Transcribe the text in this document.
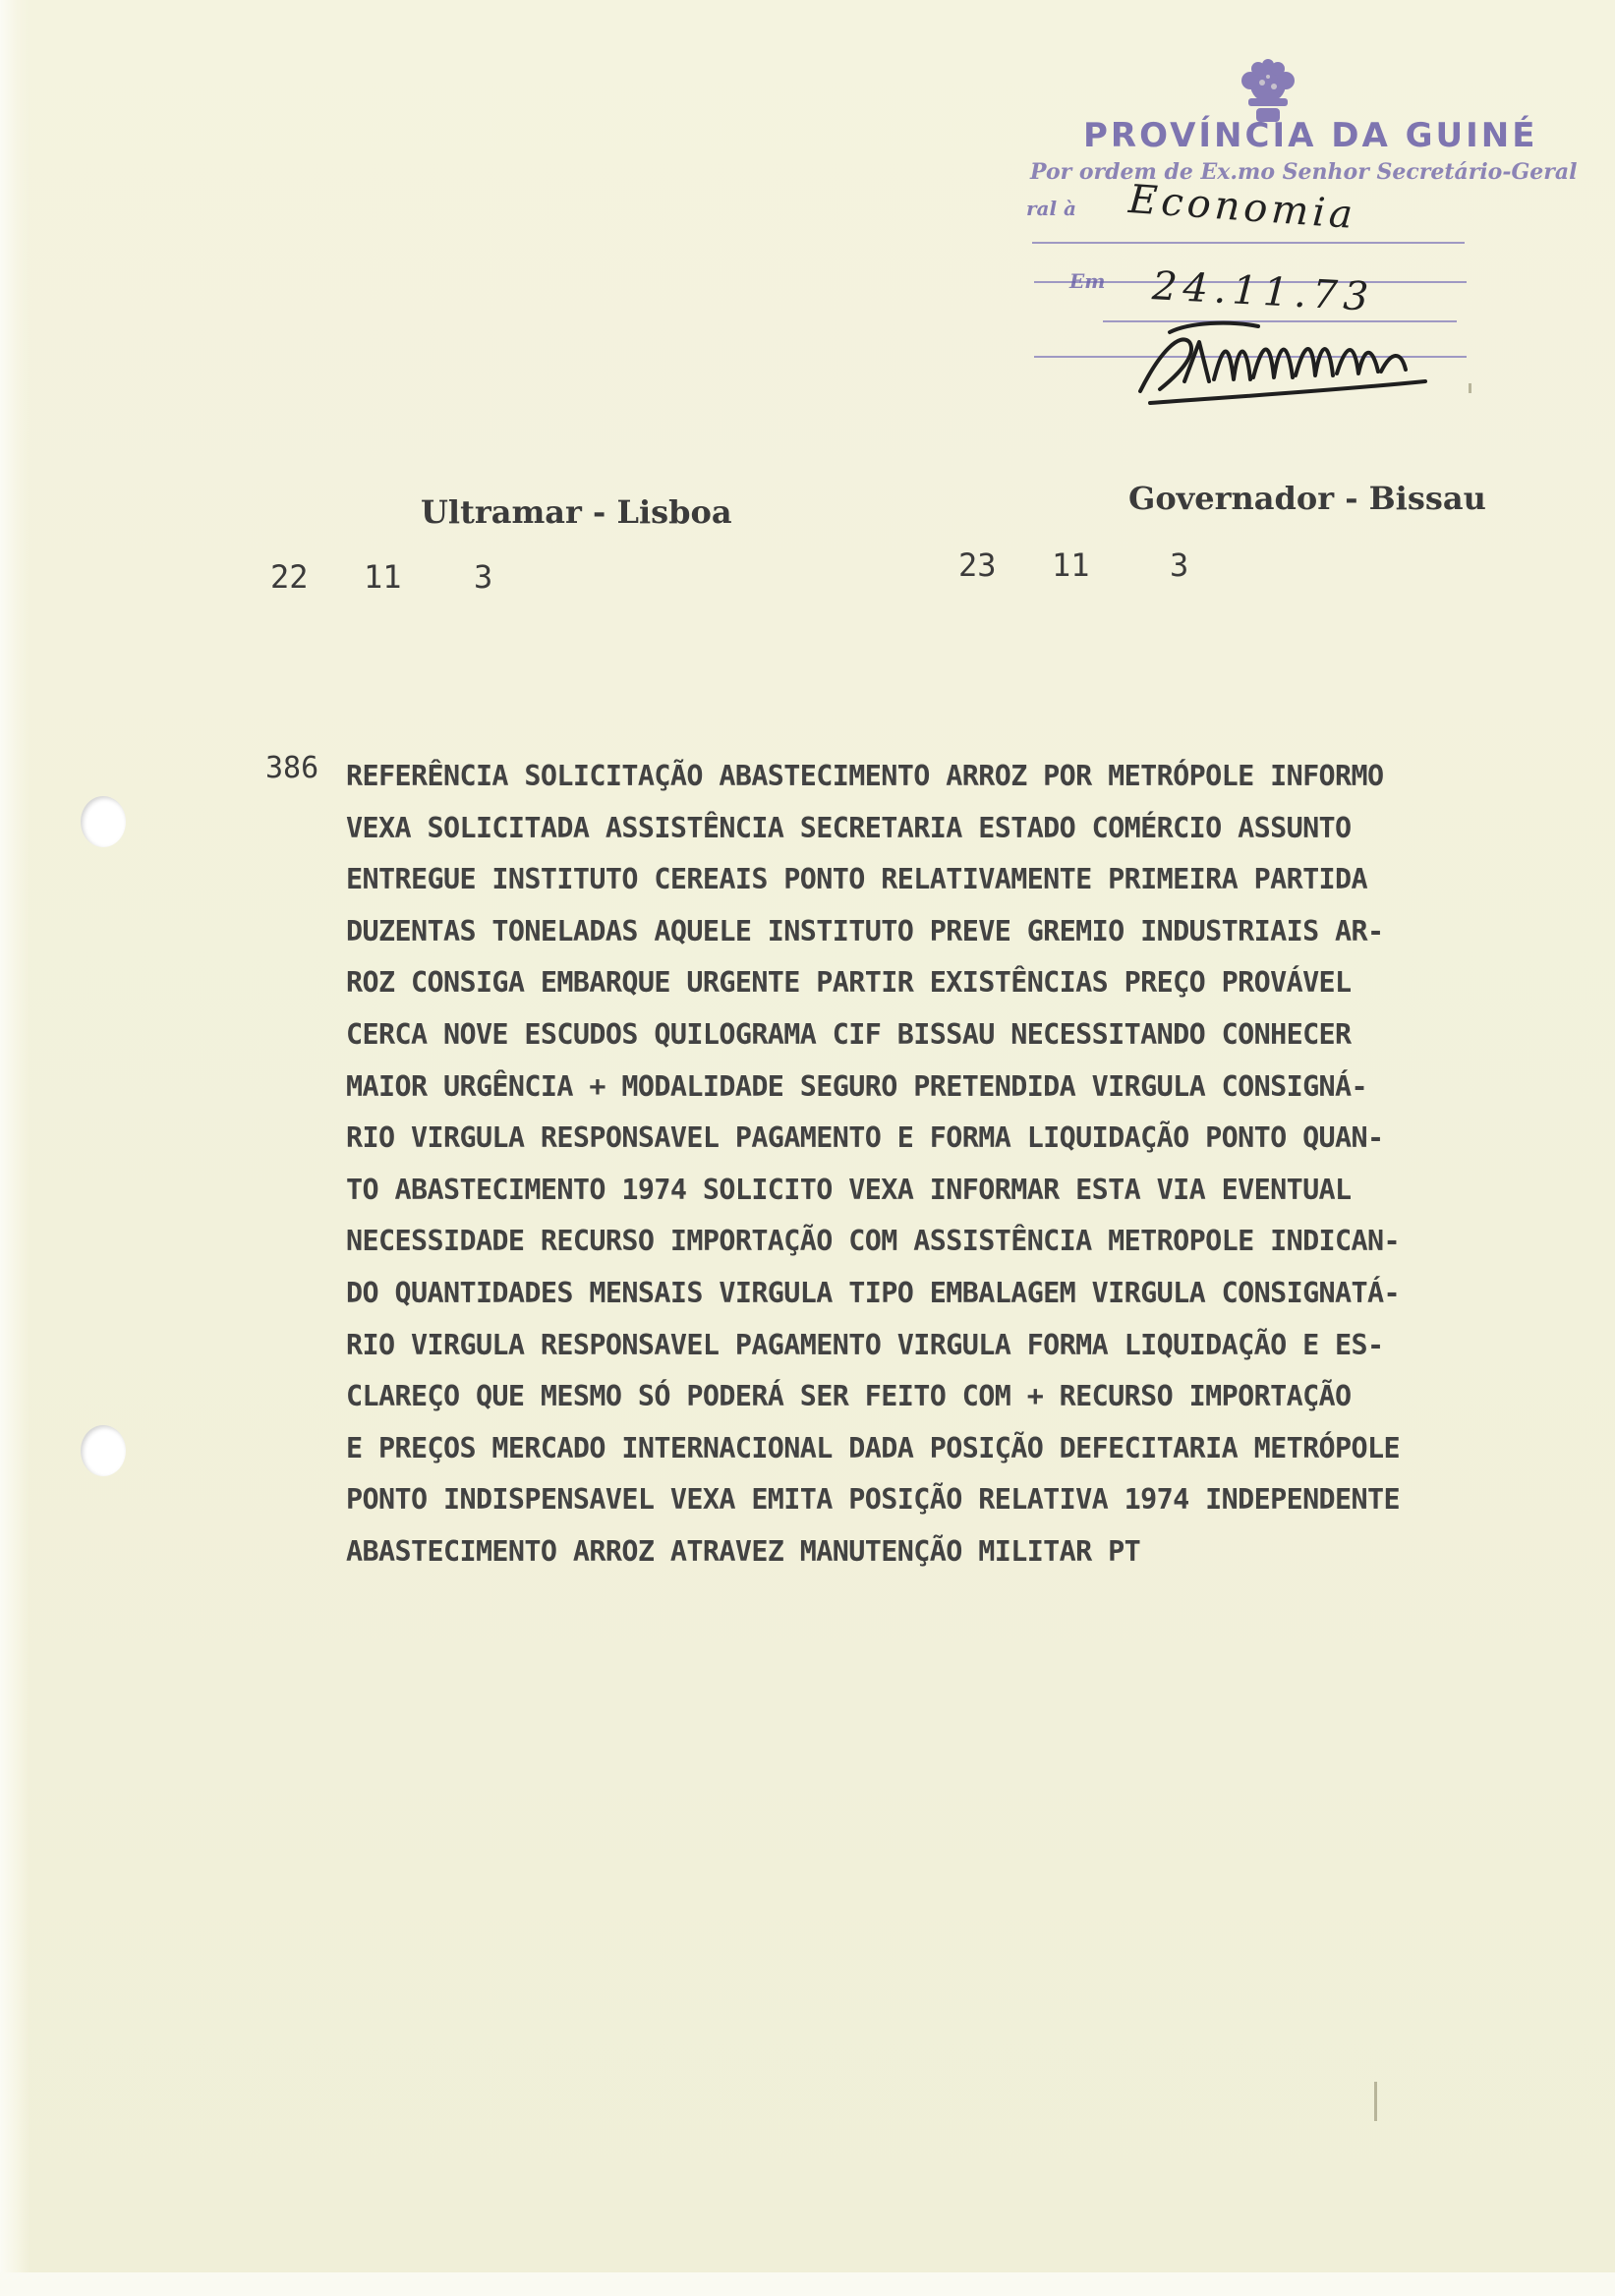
PROVÍNCIA DA GUINÉ
Por ordem de Ex.mo Senhor Secretário-Geral
ral à
Em
Economia
24.11.73
Ultramar - Lisboa	Governador - Bissau
22 11 3	23 11	3
386 REFERÊNCIA SOLICITAÇÃO ABASTECIMENTO ARROZ POR METRÓPOLE INFORMO
VEXA SOLICITADA ASSISTÊNCIA SECRETARIA ESTADO COMÉRCIO ASSUNTO
ENTREGUE INSTITUTO CEREAIS PONTO RELATIVAMENTE PRIMEIRA PARTIDA
DUZENTAS TONELADAS AQUELE INSTITUTO PREVE GREMIO INDUSTRIAIS AR-
ROZ CONSIGA EMBARQUE URGENTE PARTIR EXISTÊNCIAS PREÇO PROVÁVEL
CERCA NOVE ESCUDOS QUILOGRAMA CIF BISSAU NECESSITANDO CONHECER
MAIOR URGÊNCIA + MODALIDADE SEGURO PRETENDIDA VIRGULA CONSIGNÁ-
RIO VIRGULA RESPONSAVEL PAGAMENTO E FORMA LIQUIDAÇÃO PONTO QUAN-
TO ABASTECIMENTO 1974 SOLICITO VEXA INFORMAR ESTA VIA EVENTUAL
NECESSIDADE RECURSO IMPORTAÇÃO COM ASSISTÊNCIA METROPOLE INDICAN-
DO QUANTIDADES MENSAIS VIRGULA TIPO EMBALAGEM VIRGULA CONSIGNATÁ-
RIO VIRGULA RESPONSAVEL PAGAMENTO VIRGULA FORMA LIQUIDAÇÃO E ES-
CLAREÇO QUE MESMO SÓ PODERÁ SER FEITO COM + RECURSO IMPORTAÇÃO
E PREÇOS MERCADO INTERNACIONAL DADA POSIÇÃO DEFECITARIA METRÓPOLE
PONTO INDISPENSAVEL VEXA EMITA POSIÇÃO RELATIVA 1974 INDEPENDENTE
ABASTECIMENTO ARROZ ATRAVEZ MANUTENÇÃO MILITAR PT
